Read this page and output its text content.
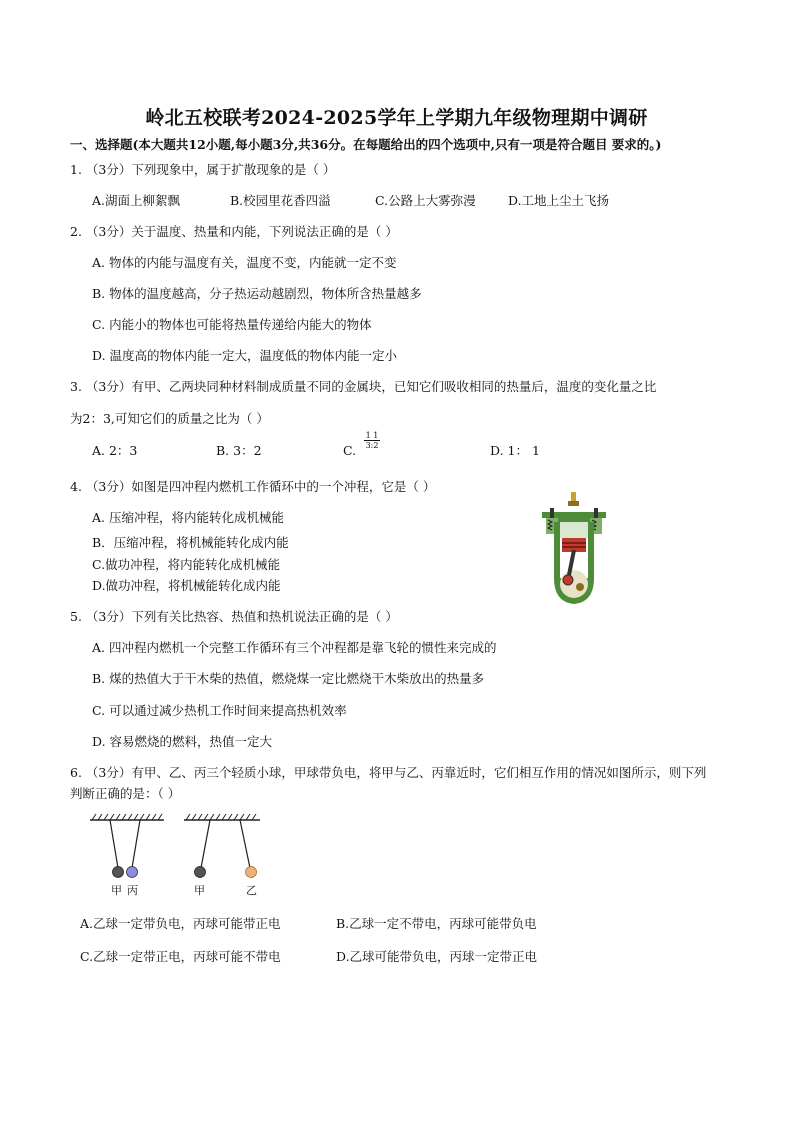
岭北五校联考2024-2025学年上学期九年级物理期中调研
一、选择题(本大题共12小题,每小题3分,共36分。在每题给出的四个选项中,只有一项是符合题目 要求的。)
1. （3分）下列现象中，属于扩散现象的是（ ）
A.湖面上柳絮飘	B.校园里花香四溢	C.公路上大雾弥漫	D.工地上尘土飞扬
2. （3分）关于温度、热量和内能，下列说法正确的是（ ）
A. 物体的内能与温度有关，温度不变，内能就一定不变
B. 物体的温度越高，分子热运动越剧烈，物体所含热量越多
C. 内能小的物体也可能将热量传递给内能大的物体
D. 温度高的物体内能一定大，温度低的物体内能一定小
3. （3分）有甲、乙两块同种材料制成质量不同的金属块，已知它们吸收相同的热量后，温度的变化量之比
为2：3,可知它们的质量之比为（ ）
A. 2：3	B. 3：2	C.
$\frac{1 1}{3:2}$
D. 1： 1
4. （3分）如图是四冲程内燃机工作循环中的一个冲程，它是（ ）
A. 压缩冲程，将内能转化成机械能
B．压缩冲程，将机械能转化成内能
C.做功冲程，将内能转化成机械能
D.做功冲程，将机械能转化成内能
5. （3分）下列有关比热容、热值和热机说法正确的是（ ）
A. 四冲程内燃机一个完整工作循环有三个冲程都是靠飞轮的惯性来完成的
B. 煤的热值大于干木柴的热值，燃烧煤一定比燃烧干木柴放出的热量多
C. 可以通过减少热机工作时间来提高热机效率
D. 容易燃烧的燃料，热值一定大
6. （3分）有甲、乙、丙三个轻质小球，甲球带负电，将甲与乙、丙靠近时，它们相互作用的情况如图所示，则下列
判断正确的是：（ ）
甲 丙	甲	乙
A.乙球一定带负电，丙球可能带正电	B.乙球一定不带电，丙球可能带负电
C.乙球一定带正电，丙球可能不带电	D.乙球可能带负电，丙球一定带正电
